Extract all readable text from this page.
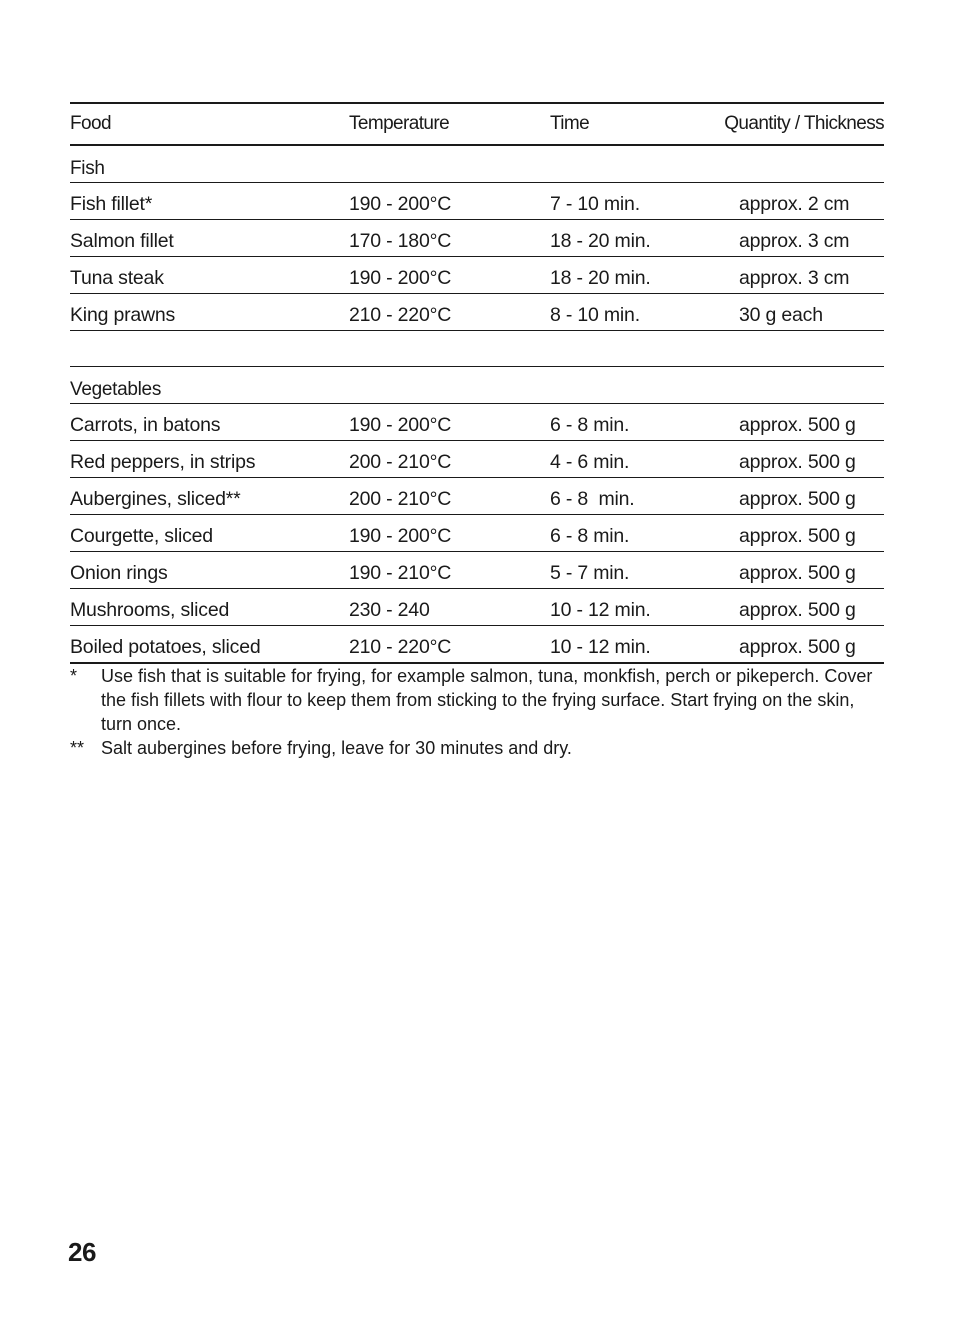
Food	Temperature	Time	Quantity / Thickness
Fish
Fish fillet*	190 - 200°C	7 - 10 min.	approx. 2 cm
Salmon fillet	170 - 180°C	18 - 20 min.	approx. 3 cm
Tuna steak	190 - 200°C	18 - 20 min.	approx. 3 cm
King prawns	210 - 220°C	8 - 10 min.	30 g each
Vegetables
Carrots, in batons	190 - 200°C	6 - 8 min.	approx. 500 g
Red peppers, in strips	200 - 210°C	4 - 6 min.	approx. 500 g
Aubergines, sliced**	200 - 210°C	6 - 8  min.	approx. 500 g
Courgette, sliced	190 - 200°C	6 - 8 min.	approx. 500 g
Onion rings	190 - 210°C	5 - 7 min.	approx. 500 g
Mushrooms, sliced	230 - 240	10 - 12 min.	approx. 500 g
Boiled potatoes, sliced	210 - 220°C	10 - 12 min.	approx. 500 g
* Use fish that is suitable for frying, for example salmon, tuna, monkfish, perch or pikeperch. Cover the fish fillets with flour to keep them from sticking to the frying surface. Start frying on the skin, turn once.
** Salt aubergines before frying, leave for 30 minutes and dry.
26
